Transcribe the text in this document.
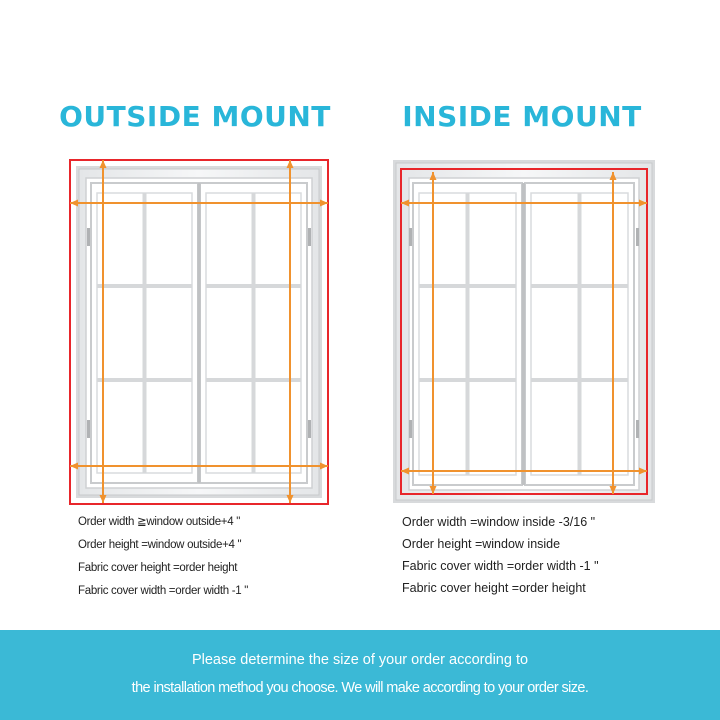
OUTSIDE MOUNT	INSIDE MOUNT
Order width ≧window outside+4 "
Order height =window outside+4 "
Fabric cover height =order height
Fabric cover width =order width -1 "
Order width =window inside -3/16 "
Order height =window inside
Fabric cover width =order width -1 "
Fabric cover height =order height

Please determine the size of your order according to

the installation method you choose. We will make according to your order size.
